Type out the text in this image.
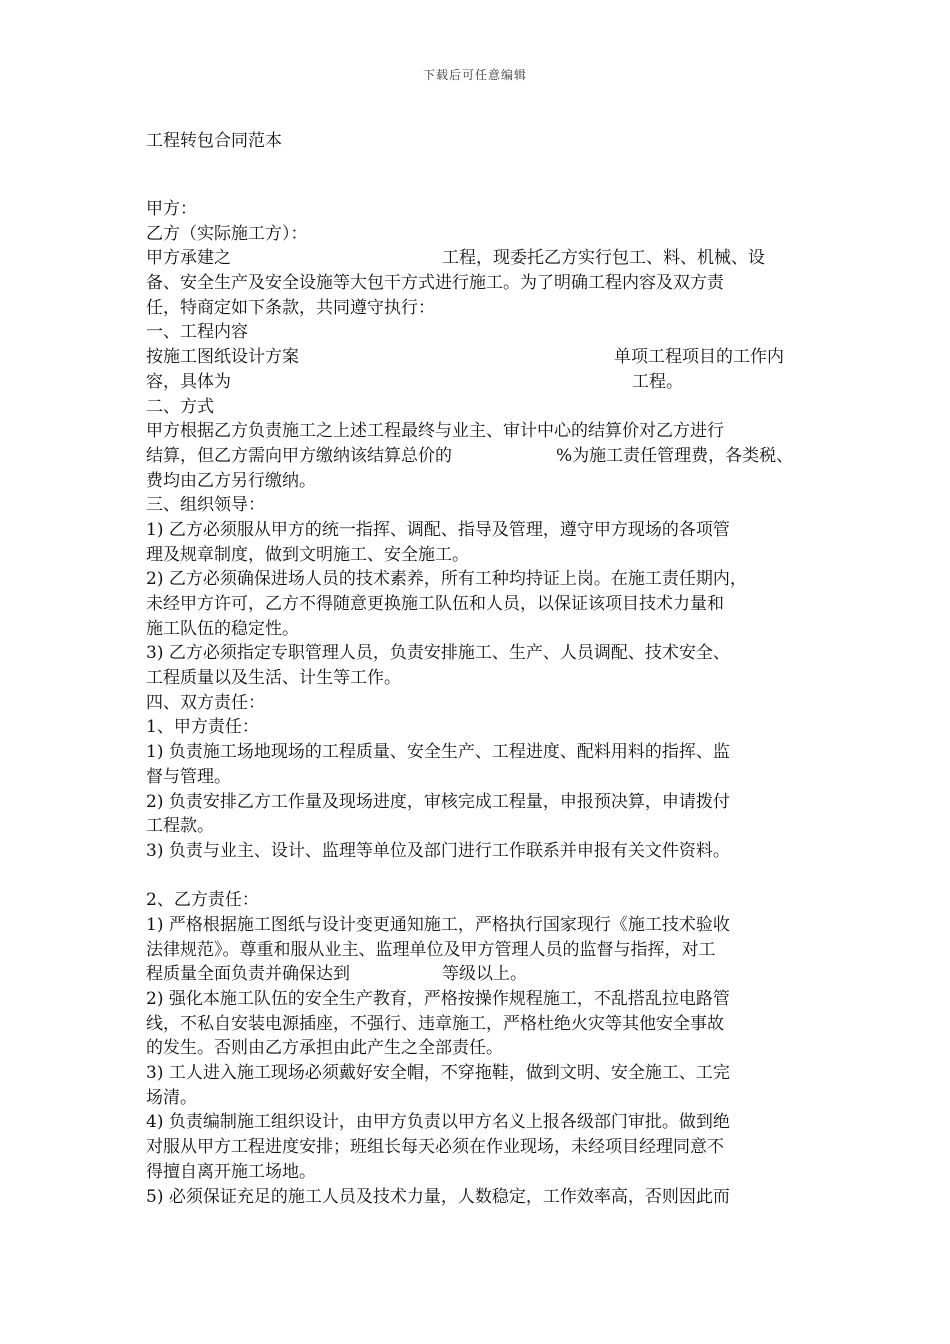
下载后可任意编辑
工程转包合同范本
甲方：
乙方（实际施工方）：
甲方承建之	工程，现委托乙方实行包工、料、机械、设
备、安全生产及安全设施等大包干方式进行施工。为了明确工程内容及双方责
任，特商定如下条款，共同遵守执行：
一、工程内容
按施工图纸设计方案	单项工程项目的工作内
容，具体为	工程。
二、方式
甲方根据乙方负责施工之上述工程最终与业主、审计中心的结算价对乙方进行
结算，但乙方需向甲方缴纳该结算总价的	%为施工责任管理费，各类税、
费均由乙方另行缴纳。
三、组织领导：
1) 乙方必须服从甲方的统一指挥、调配、指导及管理，遵守甲方现场的各项管
理及规章制度，做到文明施工、安全施工。
2) 乙方必须确保进场人员的技术素养，所有工种均持证上岗。在施工责任期内，
未经甲方许可，乙方不得随意更换施工队伍和人员，以保证该项目技术力量和
施工队伍的稳定性。
3) 乙方必须指定专职管理人员，负责安排施工、生产、人员调配、技术安全、
工程质量以及生活、计生等工作。
四、双方责任：
1、甲方责任：
1) 负责施工场地现场的工程质量、安全生产、工程进度、配料用料的指挥、监
督与管理。
2) 负责安排乙方工作量及现场进度，审核完成工程量，申报预决算，申请拨付
工程款。
3) 负责与业主、设计、监理等单位及部门进行工作联系并申报有关文件资料。
2、乙方责任：
1) 严格根据施工图纸与设计变更通知施工，严格执行国家现行《施工技术验收
法律规范》。尊重和服从业主、监理单位及甲方管理人员的监督与指挥，对工
程质量全面负责并确保达到	等级以上。
2) 强化本施工队伍的安全生产教育，严格按操作规程施工，不乱搭乱拉电路管
线，不私自安装电源插座，不强行、违章施工，严格杜绝火灾等其他安全事故
的发生。否则由乙方承担由此产生之全部责任。
3) 工人进入施工现场必须戴好安全帽，不穿拖鞋，做到文明、安全施工、工完
场清。
4) 负责编制施工组织设计，由甲方负责以甲方名义上报各级部门审批。做到绝
对服从甲方工程进度安排；班组长每天必须在作业现场，未经项目经理同意不
得擅自离开施工场地。
5) 必须保证充足的施工人员及技术力量，人数稳定，工作效率高，否则因此而
